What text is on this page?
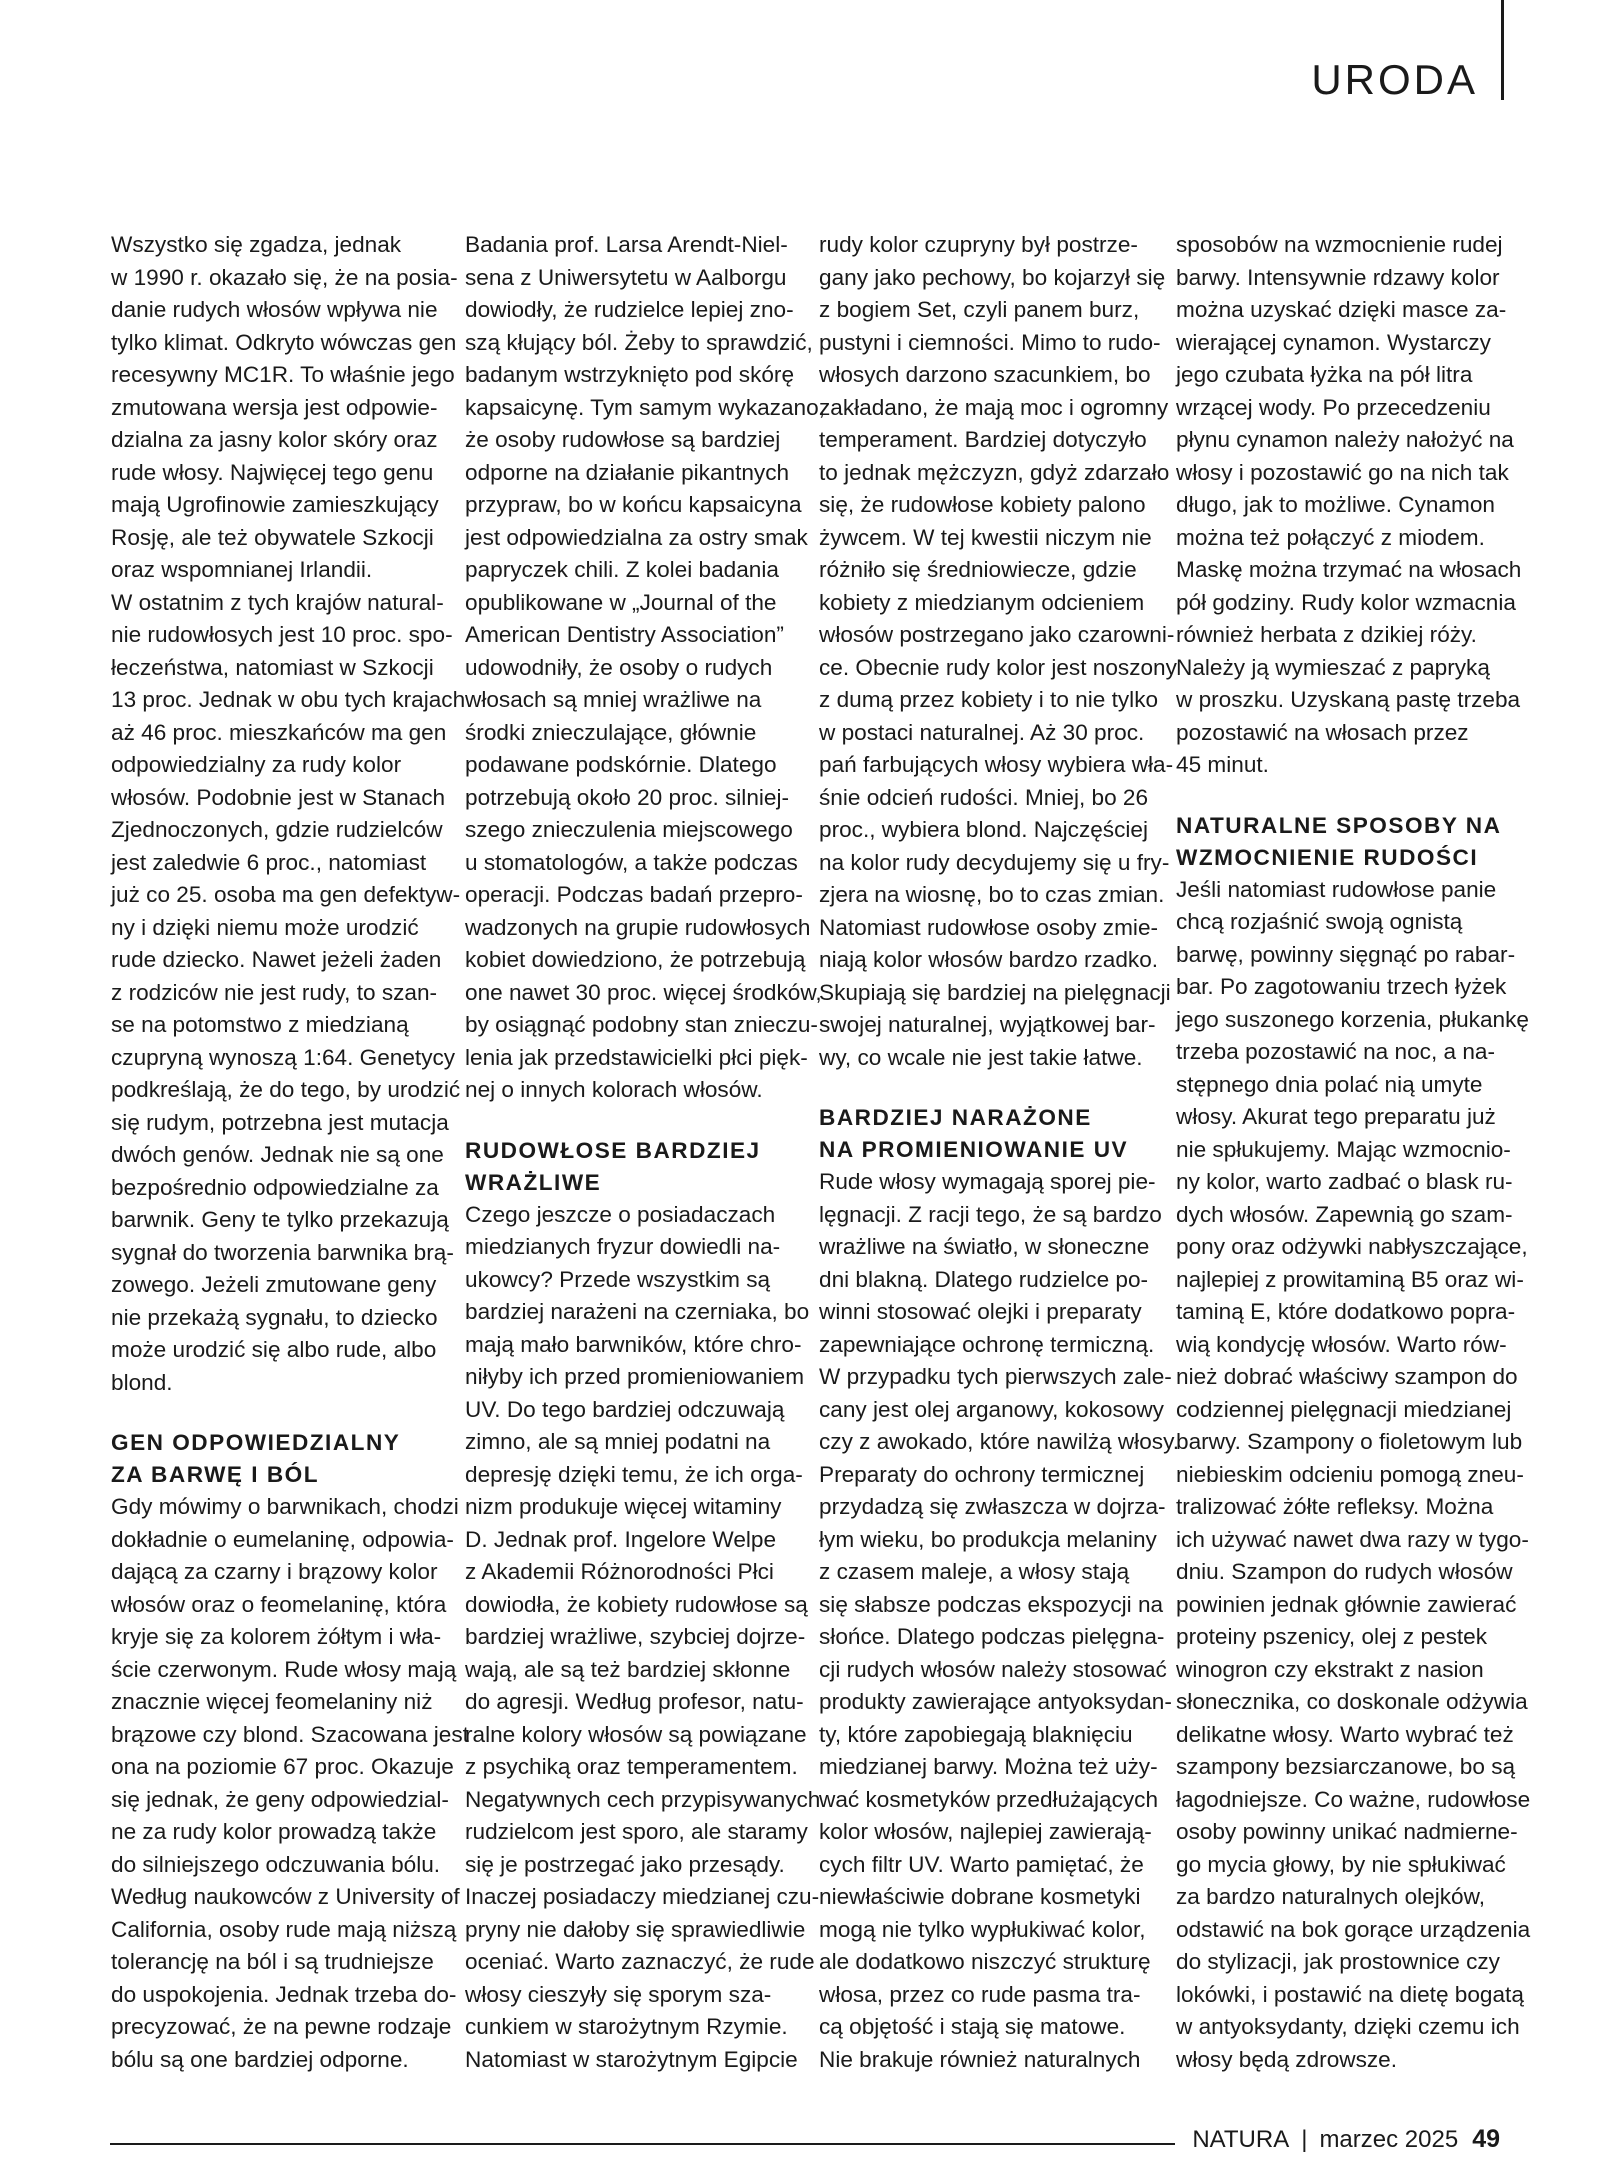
URODA

Wszystko się zgadza, jednak
w 1990 r. okazało się, że na posia-
danie rudych włosów wpływa nie
tylko klimat. Odkryto wówczas gen
recesywny MC1R. To właśnie jego
zmutowana wersja jest odpowie-
dzialna za jasny kolor skóry oraz
rude włosy. Najwięcej tego genu
mają Ugrofinowie zamieszkujący
Rosję, ale też obywatele Szkocji
oraz wspomnianej Irlandii.
W ostatnim z tych krajów natural-
nie rudowłosych jest 10 proc. spo-
łeczeństwa, natomiast w Szkocji
13 proc. Jednak w obu tych krajach
aż 46 proc. mieszkańców ma gen
odpowiedzialny za rudy kolor
włosów. Podobnie jest w Stanach
Zjednoczonych, gdzie rudzielców
jest zaledwie 6 proc., natomiast
już co 25. osoba ma gen defektyw-
ny i dzięki niemu może urodzić
rude dziecko. Nawet jeżeli żaden
z rodziców nie jest rudy, to szan-
se na potomstwo z miedzianą
czupryną wynoszą 1:64. Genetycy
podkreślają, że do tego, by urodzić
się rudym, potrzebna jest mutacja
dwóch genów. Jednak nie są one
bezpośrednio odpowiedzialne za
barwnik. Geny te tylko przekazują
sygnał do tworzenia barwnika brą-
zowego. Jeżeli zmutowane geny
nie przekażą sygnału, to dziecko
może urodzić się albo rude, albo
blond.

GEN ODPOWIEDZIALNY
ZA BARWĘ I BÓL

Gdy mówimy o barwnikach, chodzi
dokładnie o eumelaninę, odpowia-
dającą za czarny i brązowy kolor
włosów oraz o feomelaninę, która
kryje się za kolorem żółtym i wła-
ście czerwonym. Rude włosy mają
znacznie więcej feomelaniny niż
brązowe czy blond. Szacowana jest
ona na poziomie 67 proc. Okazuje
się jednak, że geny odpowiedzial-
ne za rudy kolor prowadzą także
do silniejszego odczuwania bólu.
Według naukowców z University of
California, osoby rude mają niższą
tolerancję na ból i są trudniejsze
do uspokojenia. Jednak trzeba do-
precyzować, że na pewne rodzaje
bólu są one bardziej odporne.

Badania prof. Larsa Arendt-Niel-
sena z Uniwersytetu w Aalborgu
dowiodły, że rudzielce lepiej zno-
szą kłujący ból. Żeby to sprawdzić,
badanym wstrzyknięto pod skórę
kapsaicynę. Tym samym wykazano,
że osoby rudowłose są bardziej
odporne na działanie pikantnych
przypraw, bo w końcu kapsaicyna
jest odpowiedzialna za ostry smak
papryczek chili. Z kolei badania
opublikowane w „Journal of the
American Dentistry Association”
udowodniły, że osoby o rudych
włosach są mniej wrażliwe na
środki znieczulające, głównie
podawane podskórnie. Dlatego
potrzebują około 20 proc. silniej-
szego znieczulenia miejscowego
u stomatologów, a także podczas
operacji. Podczas badań przepro-
wadzonych na grupie rudowłosych
kobiet dowiedziono, że potrzebują
one nawet 30 proc. więcej środków,
by osiągnąć podobny stan znieczu-
lenia jak przedstawicielki płci pięk-
nej o innych kolorach włosów.

RUDOWŁOSE BARDZIEJ
WRAŻLIWE

Czego jeszcze o posiadaczach
miedzianych fryzur dowiedli na-
ukowcy? Przede wszystkim są
bardziej narażeni na czerniaka, bo
mają mało barwników, które chro-
niłyby ich przed promieniowaniem
UV. Do tego bardziej odczuwają
zimno, ale są mniej podatni na
depresję dzięki temu, że ich orga-
nizm produkuje więcej witaminy
D. Jednak prof. Ingelore Welpe
z Akademii Różnorodności Płci
dowiodła, że kobiety rudowłose są
bardziej wrażliwe, szybciej dojrze-
wają, ale są też bardziej skłonne
do agresji. Według profesor, natu-
ralne kolory włosów są powiązane
z psychiką oraz temperamentem.
Negatywnych cech przypisywanych
rudzielcom jest sporo, ale staramy
się je postrzegać jako przesądy.
Inaczej posiadaczy miedzianej czu-
pryny nie dałoby się sprawiedliwie
oceniać. Warto zaznaczyć, że rude
włosy cieszyły się sporym sza-
cunkiem w starożytnym Rzymie.
Natomiast w starożytnym Egipcie

rudy kolor czupryny był postrze-
gany jako pechowy, bo kojarzył się
z bogiem Set, czyli panem burz,
pustyni i ciemności. Mimo to rudo-
włosych darzono szacunkiem, bo
zakładano, że mają moc i ogromny
temperament. Bardziej dotyczyło
to jednak mężczyzn, gdyż zdarzało
się, że rudowłose kobiety palono
żywcem. W tej kwestii niczym nie
różniło się średniowiecze, gdzie
kobiety z miedzianym odcieniem
włosów postrzegano jako czarowni-
ce. Obecnie rudy kolor jest noszony
z dumą przez kobiety i to nie tylko
w postaci naturalnej. Aż 30 proc.
pań farbujących włosy wybiera wła-
śnie odcień rudości. Mniej, bo 26
proc., wybiera blond. Najczęściej
na kolor rudy decydujemy się u fry-
zjera na wiosnę, bo to czas zmian.
Natomiast rudowłose osoby zmie-
niają kolor włosów bardzo rzadko.
Skupiają się bardziej na pielęgnacji
swojej naturalnej, wyjątkowej bar-
wy, co wcale nie jest takie łatwe.

BARDZIEJ NARAŻONE
NA PROMIENIOWANIE UV

Rude włosy wymagają sporej pie-
lęgnacji. Z racji tego, że są bardzo
wrażliwe na światło, w słoneczne
dni blakną. Dlatego rudzielce po-
winni stosować olejki i preparaty
zapewniające ochronę termiczną.
W przypadku tych pierwszych zale-
cany jest olej arganowy, kokosowy
czy z awokado, które nawilżą włosy.
Preparaty do ochrony termicznej
przydadzą się zwłaszcza w dojrza-
łym wieku, bo produkcja melaniny
z czasem maleje, a włosy stają
się słabsze podczas ekspozycji na
słońce. Dlatego podczas pielęgna-
cji rudych włosów należy stosować
produkty zawierające antyoksydan-
ty, które zapobiegają blaknięciu
miedzianej barwy. Można też uży-
wać kosmetyków przedłużających
kolor włosów, najlepiej zawierają-
cych filtr UV. Warto pamiętać, że
niewłaściwie dobrane kosmetyki
mogą nie tylko wypłukiwać kolor,
ale dodatkowo niszczyć strukturę
włosa, przez co rude pasma tra-
cą objętość i stają się matowe.
Nie brakuje również naturalnych

sposobów na wzmocnienie rudej
barwy. Intensywnie rdzawy kolor
można uzyskać dzięki masce za-
wierającej cynamon. Wystarczy
jego czubata łyżka na pół litra
wrzącej wody. Po przecedzeniu
płynu cynamon należy nałożyć na
włosy i pozostawić go na nich tak
długo, jak to możliwe. Cynamon
można też połączyć z miodem.
Maskę można trzymać na włosach
pół godziny. Rudy kolor wzmacnia
również herbata z dzikiej róży.
Należy ją wymieszać z papryką
w proszku. Uzyskaną pastę trzeba
pozostawić na włosach przez
45 minut.

NATURALNE SPOSOBY NA
WZMOCNIENIE RUDOŚCI

Jeśli natomiast rudowłose panie
chcą rozjaśnić swoją ognistą
barwę, powinny sięgnąć po rabar-
bar. Po zagotowaniu trzech łyżek
jego suszonego korzenia, płukankę
trzeba pozostawić na noc, a na-
stępnego dnia polać nią umyte
włosy. Akurat tego preparatu już
nie spłukujemy. Mając wzmocnio-
ny kolor, warto zadbać o blask ru-
dych włosów. Zapewnią go szam-
pony oraz odżywki nabłyszczające,
najlepiej z prowitaminą B5 oraz wi-
taminą E, które dodatkowo popra-
wią kondycję włosów. Warto rów-
nież dobrać właściwy szampon do
codziennej pielęgnacji miedzianej
barwy. Szampony o fioletowym lub
niebieskim odcieniu pomogą zneu-
tralizować żółte refleksy. Można
ich używać nawet dwa razy w tygo-
dniu. Szampon do rudych włosów
powinien jednak głównie zawierać
proteiny pszenicy, olej z pestek
winogron czy ekstrakt z nasion
słonecznika, co doskonale odżywia
delikatne włosy. Warto wybrać też
szampony bezsiarczanowe, bo są
łagodniejsze. Co ważne, rudowłose
osoby powinny unikać nadmierne-
go mycia głowy, by nie spłukiwać
za bardzo naturalnych olejków,
odstawić na bok gorące urządzenia
do stylizacji, jak prostownice czy
lokówki, i postawić na dietę bogatą
w antyoksydanty, dzięki czemu ich
włosy będą zdrowsze.

NATURA | marzec 2025 49
